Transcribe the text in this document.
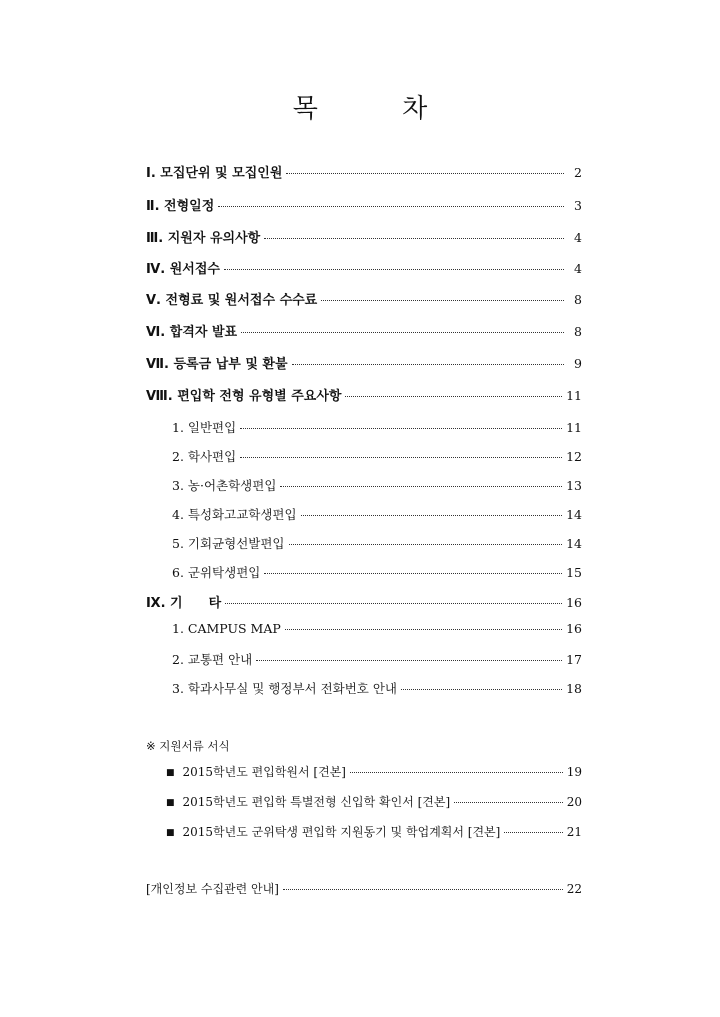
목 차
Ⅰ. 모집단위 및 모집인원	2
Ⅱ. 전형일정	3
Ⅲ. 지원자 유의사항	4
Ⅳ. 원서접수	4
Ⅴ. 전형료 및 원서접수 수수료	8
Ⅵ. 합격자 발표	8
Ⅶ. 등록금 납부 및 환불	9
Ⅷ. 편입학 전형 유형별 주요사항	11
1. 일반편입	11
2. 학사편입	12
3. 농·어촌학생편입	13
4. 특성화고교학생편입	14
5. 기회균형선발편입	14
6. 군위탁생편입	15
Ⅸ. 기　　타	16
1. CAMPUS MAP	16
2. 교통편 안내	17
3. 학과사무실 및 행정부서 전화번호 안내	18
※ 지원서류 서식
■ 2015학년도 편입학원서 [견본]	19
■ 2015학년도 편입학 특별전형 신입학 확인서 [견본]	20
■ 2015학년도 군위탁생 편입학 지원동기 및 학업계획서 [견본]	21
[개인정보 수집관련 안내]	22
